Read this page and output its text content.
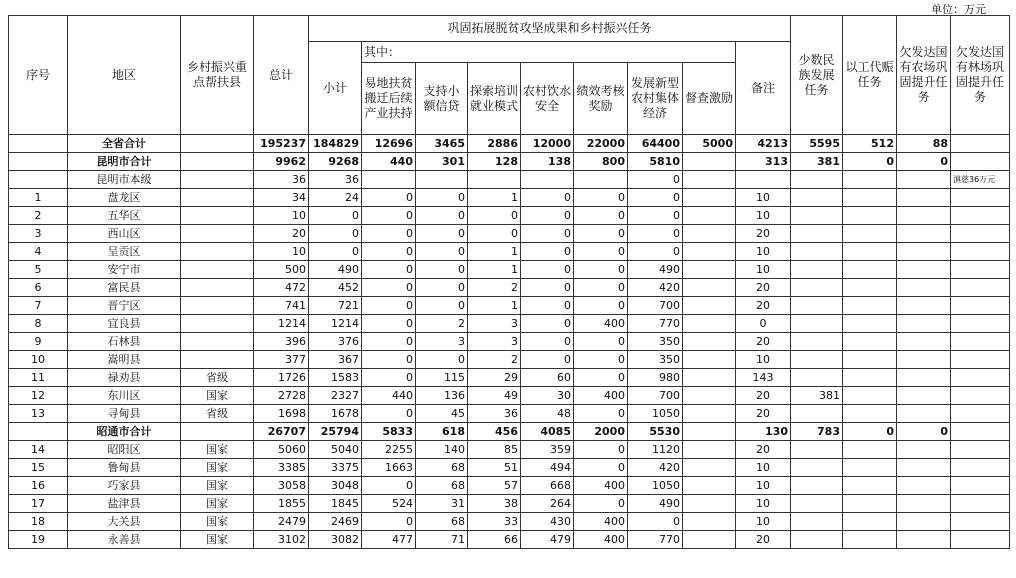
单位：万元
序号	地区	乡村振兴重点帮扶县	总计	巩固拓展脱贫攻坚成果和乡村振兴任务									少数民族发展任务	以工代赈任务	欠发达国有农场巩固提升任务	欠发达国有林场巩固提升任务
				小计	其中：							备注				
					易地扶贫搬迁后续产业扶持	支持小额信贷	探索培训就业模式	农村饮水安全	绩效考核奖励	发展新型农村集体经济	督查激励					
	全省合计		195237	184829	12696	3465	2886	12000	22000	64400	5000	4213	5595	512	88	
	昆明市合计		9962	9268	440	301	128	138	800	5810		313	381	0	0	
	昆明市本级		36	36						0						滇慈36万元
1	盘龙区		34	24	0	0	1	0	0	0		10				
2	五华区		10	0	0	0	0	0	0	0		10				
3	西山区		20	0	0	0	0	0	0	0		20				
4	呈贡区		10	0	0	0	1	0	0	0		10				
5	安宁市		500	490	0	0	1	0	0	490		10				
6	富民县		472	452	0	0	2	0	0	420		20				
7	晋宁区		741	721	0	0	1	0	0	700		20				
8	宜良县		1214	1214	0	2	3	0	400	770		0				
9	石林县		396	376	0	3	3	0	0	350		20				
10	嵩明县		377	367	0	0	2	0	0	350		10				
11	禄劝县	省级	1726	1583	0	115	29	60	0	980		143				
12	东川区	国家	2728	2327	440	136	49	30	400	700		20	381			
13	寻甸县	省级	1698	1678	0	45	36	48	0	1050		20				
	昭通市合计		26707	25794	5833	618	456	4085	2000	5530		130	783	0	0	
14	昭阳区	国家	5060	5040	2255	140	85	359	0	1120		20				
15	鲁甸县	国家	3385	3375	1663	68	51	494	0	420		10				
16	巧家县	国家	3058	3048	0	68	57	668	400	1050		10				
17	盐津县	国家	1855	1845	524	31	38	264	0	490		10				
18	大关县	国家	2479	2469	0	68	33	430	400	0		10				
19	永善县	国家	3102	3082	477	71	66	479	400	770		20				
